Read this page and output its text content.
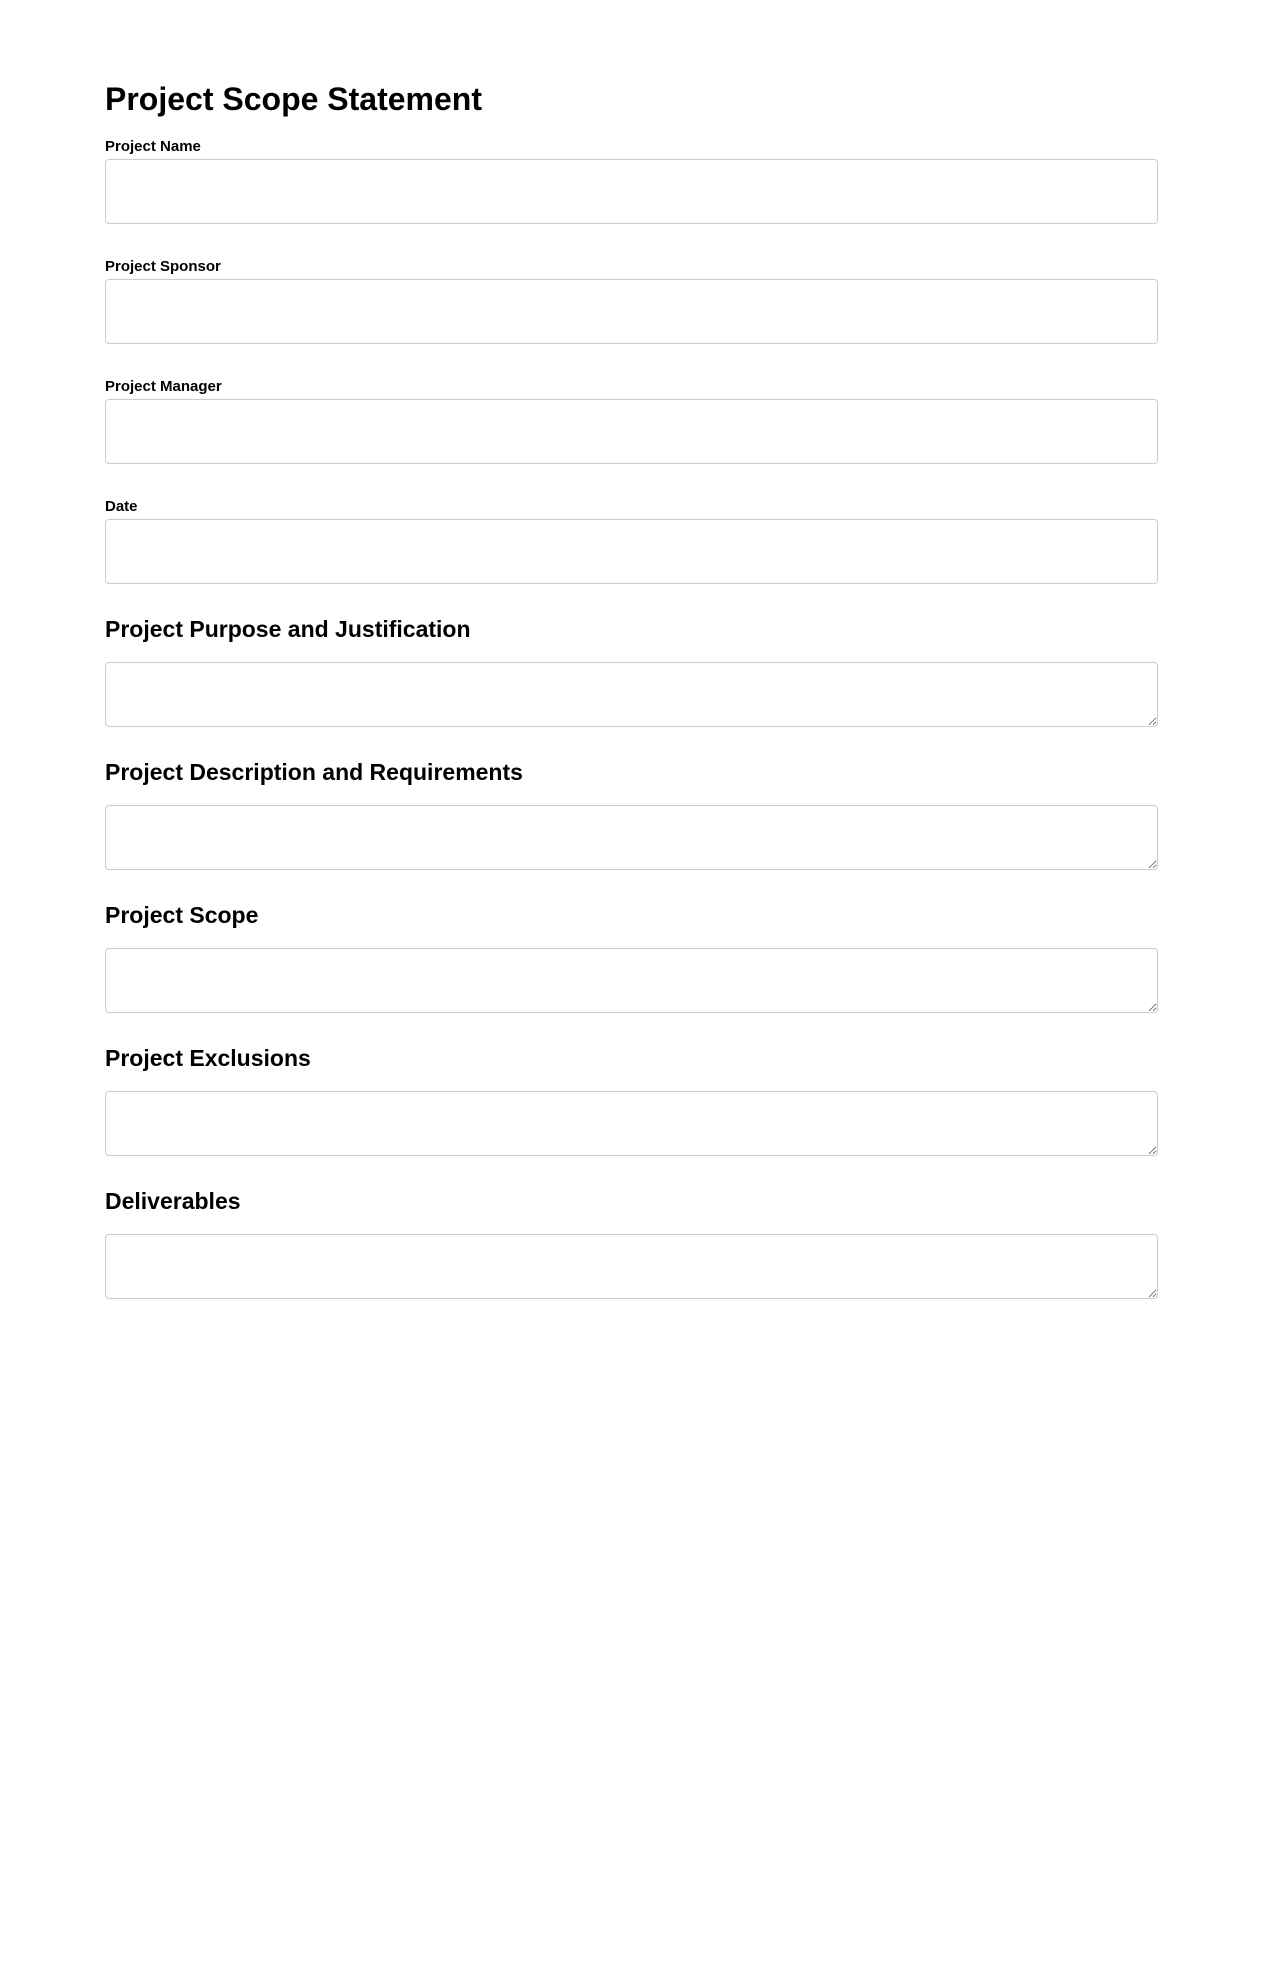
Project Scope Statement
Project Name
Project Sponsor
Project Manager
Date
Project Purpose and Justification
Project Description and Requirements
Project Scope
Project Exclusions
Deliverables
